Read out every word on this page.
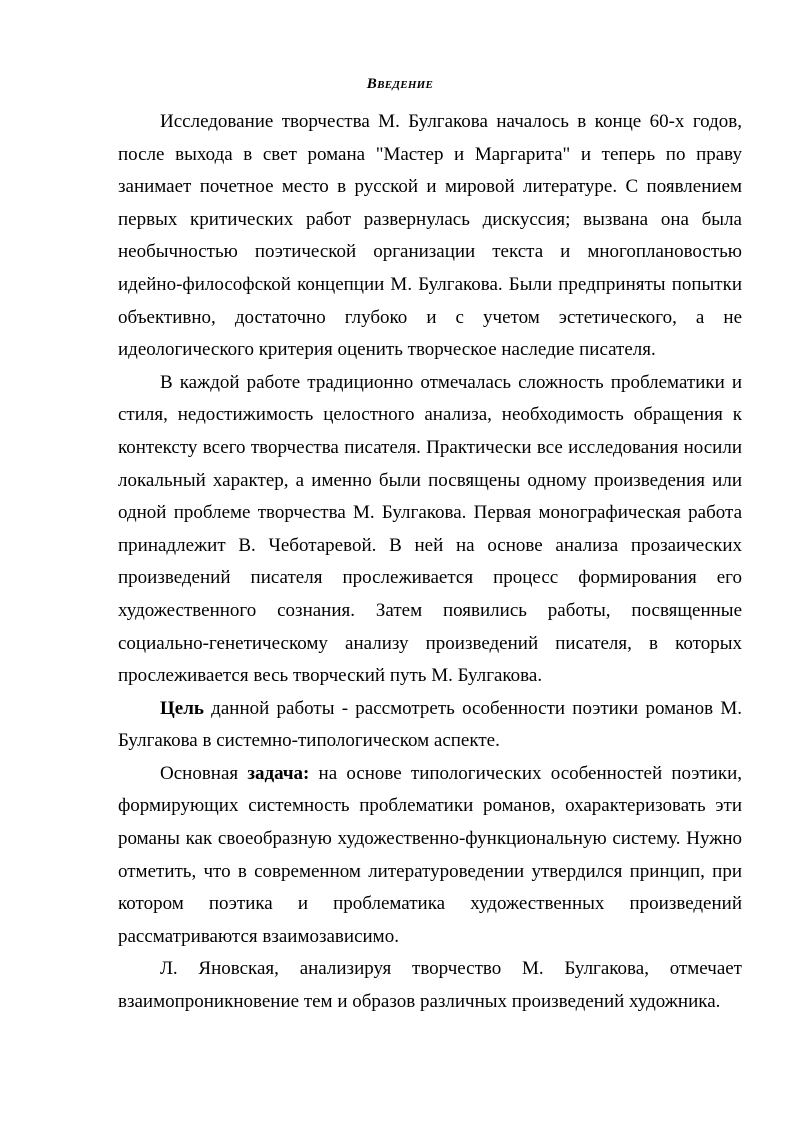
Введение

Исследование творчества М. Булгакова началось в конце 60-х годов, после выхода в свет романа "Мастер и Маргарита" и теперь по праву занимает почетное место в русской и мировой литературе. С появлением первых критических работ развернулась дискуссия; вызвана она была необычностью поэтической организации текста и многоплановостью идейно-философской концепции М. Булгакова. Были предприняты попытки объективно, достаточно глубоко и с учетом эстетического, а не идеологического критерия оценить творческое наследие писателя.

В каждой работе традиционно отмечалась сложность проблематики и стиля, недостижимость целостного анализа, необходимость обращения к контексту всего творчества писателя. Практически все исследования носили локальный характер, а именно были посвящены одному произведения или одной проблеме творчества М. Булгакова. Первая монографическая работа принадлежит В. Чеботаревой. В ней на основе анализа прозаических произведений писателя прослеживается процесс формирования его художественного сознания. Затем появились работы, посвященные социально-генетическому анализу произведений писателя, в которых прослеживается весь творческий путь М. Булгакова.

Цель данной работы - рассмотреть особенности поэтики романов М. Булгакова в системно-типологическом аспекте.

Основная задача: на основе типологических особенностей поэтики, формирующих системность проблематики романов, охарактеризовать эти романы как своеобразную художественно-функциональную систему. Нужно отметить, что в современном литературоведении утвердился принцип, при котором поэтика и проблематика художественных произведений рассматриваются взаимозависимо.

Л. Яновская, анализируя творчество М. Булгакова, отмечает взаимопроникновение тем и образов различных произведений художника.
